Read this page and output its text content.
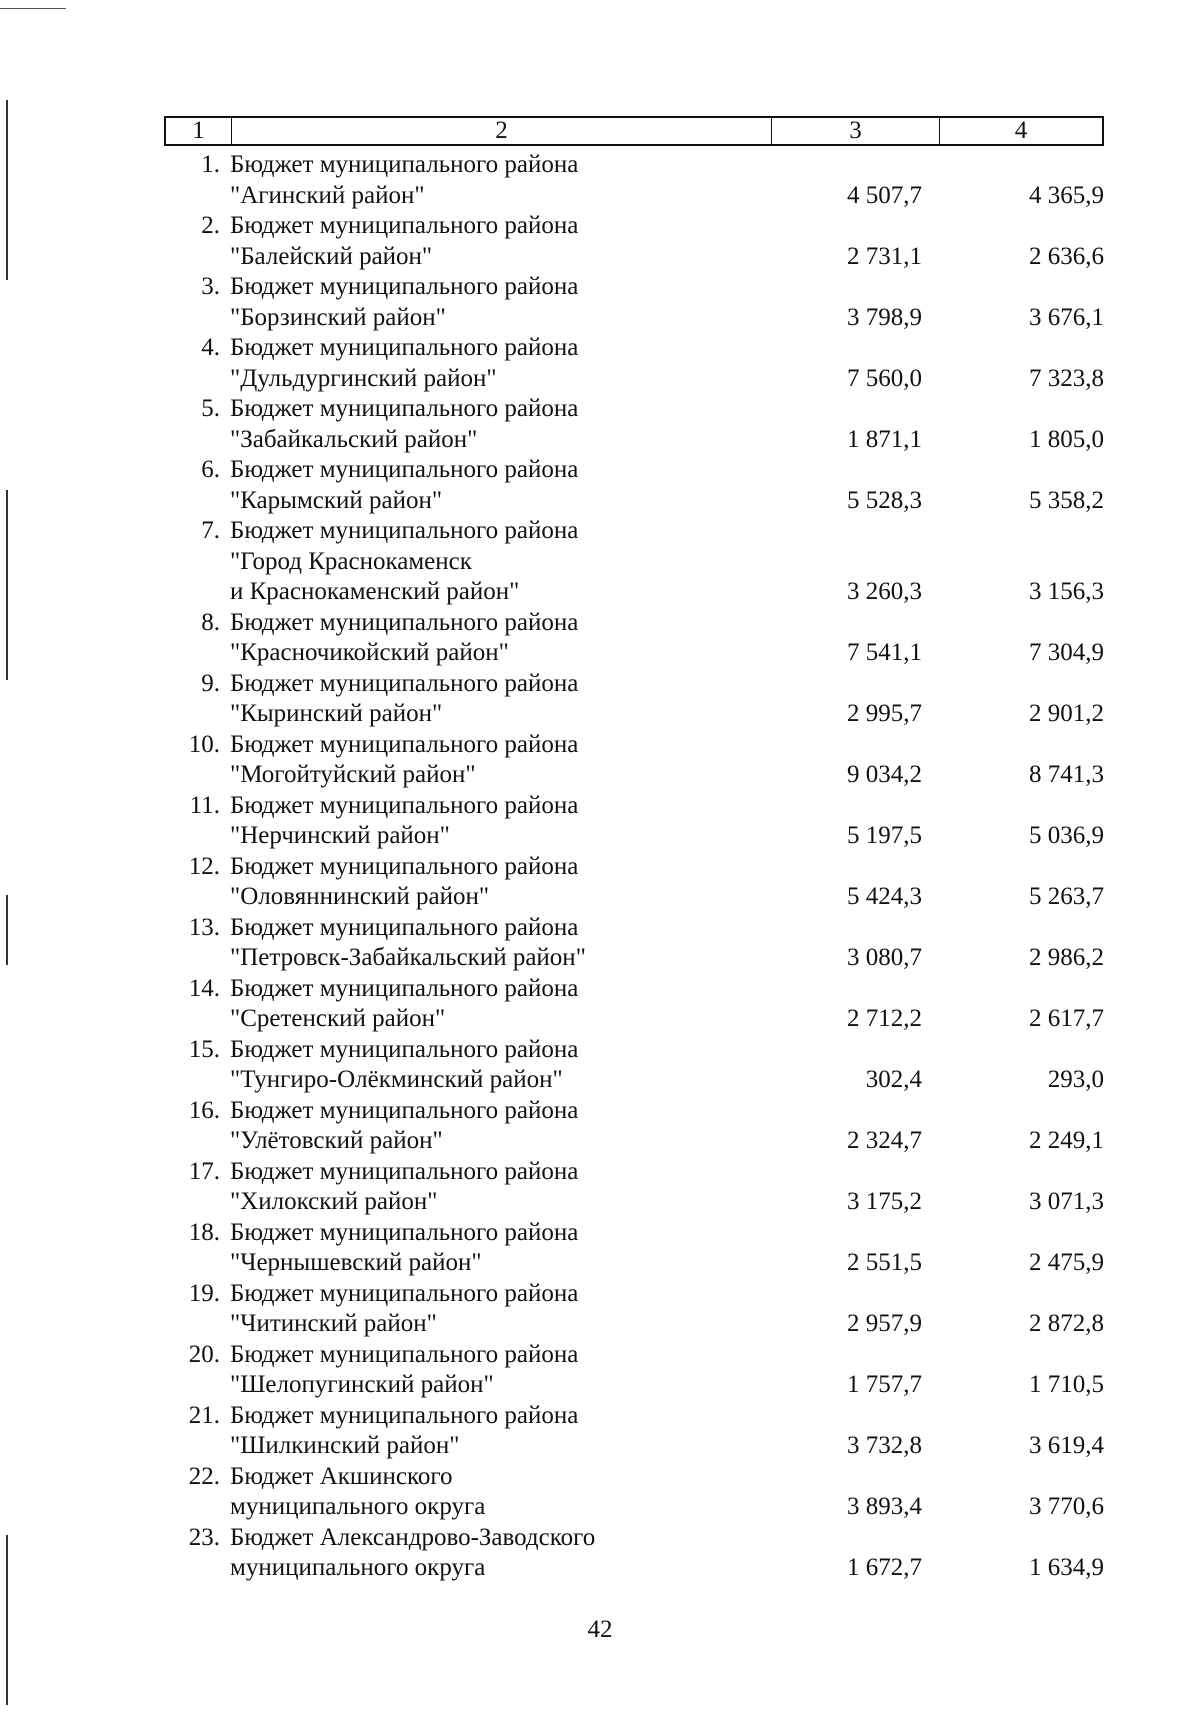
1	2	3	4
1. Бюджет муниципального района
"Агинский район"	4 507,7	4 365,9
2. Бюджет муниципального района
"Балейский район"	2 731,1	2 636,6
3. Бюджет муниципального района
"Борзинский район"	3 798,9	3 676,1
4. Бюджет муниципального района
"Дульдургинский район"	7 560,0	7 323,8
5. Бюджет муниципального района
"Забайкальский район"	1 871,1	1 805,0
6. Бюджет муниципального района
"Карымский район"	5 528,3	5 358,2
7. Бюджет муниципального района
"Город Краснокаменск
и Краснокаменский район"	3 260,3	3 156,3
8. Бюджет муниципального района
"Красночикойский район"	7 541,1	7 304,9
9. Бюджет муниципального района
"Кыринский район"	2 995,7	2 901,2
10. Бюджет муниципального района
"Могойтуйский район"	9 034,2	8 741,3
11. Бюджет муниципального района
"Нерчинский район"	5 197,5	5 036,9
12. Бюджет муниципального района
"Оловяннинский район"	5 424,3	5 263,7
13. Бюджет муниципального района
"Петровск-Забайкальский район"	3 080,7	2 986,2
14. Бюджет муниципального района
"Сретенский район"	2 712,2	2 617,7
15. Бюджет муниципального района
"Тунгиро-Олёкминский район"	302,4	293,0
16. Бюджет муниципального района
"Улётовский район"	2 324,7	2 249,1
17. Бюджет муниципального района
"Хилокский район"	3 175,2	3 071,3
18. Бюджет муниципального района
"Чернышевский район"	2 551,5	2 475,9
19. Бюджет муниципального района
"Читинский район"	2 957,9	2 872,8
20. Бюджет муниципального района
"Шелопугинский район"	1 757,7	1 710,5
21. Бюджет муниципального района
"Шилкинский район"	3 732,8	3 619,4
22. Бюджет Акшинского
муниципального округа	3 893,4	3 770,6
23. Бюджет Александрово-Заводского
муниципального округа	1 672,7	1 634,9
42
